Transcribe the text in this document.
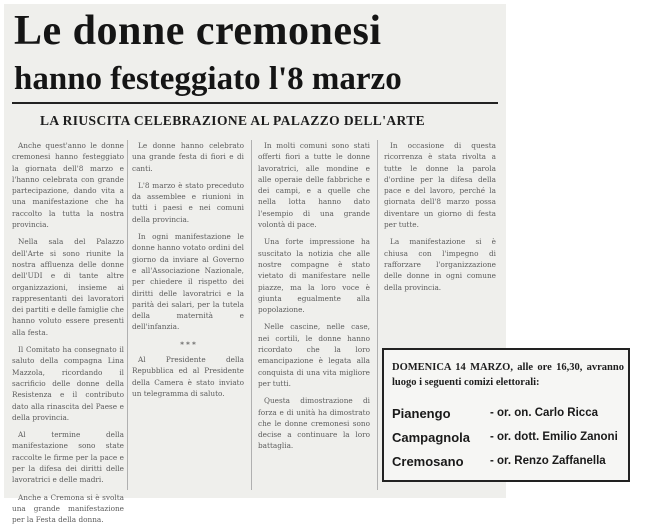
Le donne cremonesi
hanno festeggiato l'8 marzo
LA RIUSCITA CELEBRAZIONE AL PALAZZO DELL'ARTE

Anche quest'anno le donne cremonesi hanno festeggiato la giornata dell'8 marzo e l'hanno celebrata con grande partecipazione, dando vita a una manifestazione che ha raccolto la tutta la nostra provincia.

Nella sala del Palazzo dell'Arte si sono riunite la nostra affluenza delle donne dell'UDI e di tante altre organizzazioni, insieme ai rappresentanti dei lavoratori dei partiti e delle famiglie che hanno voluto essere presenti alla festa.

Il Comitato ha consegnato il saluto della compagna Lina Mazzola, ricordando il sacrificio delle donne della Resistenza e il contributo dato alla rinascita del Paese e della provincia.

Al termine della manifestazione sono state raccolte le firme per la pace e per la difesa dei diritti delle lavoratrici e delle madri.

Anche a Cremona si è svolta una grande manifestazione per la Festa della donna.

Le donne hanno celebrato una grande festa di fiori e di canti.

L'8 marzo è stato preceduto da assemblee e riunioni in tutti i paesi e nei comuni della provincia.

In ogni manifestazione le donne hanno votato ordini del giorno da inviare al Governo e all'Associazione Nazionale, per chiedere il rispetto dei diritti delle lavoratrici e la parità dei salari, per la tutela della maternità e dell'infanzia.

* * *

Al Presidente della Repubblica ed al Presidente della Camera è stato inviato un telegramma di saluto.

In molti comuni sono stati offerti fiori a tutte le donne lavoratrici, alle mondine e alle operaie delle fabbriche e dei campi, e a quelle che nella lotta hanno dato l'esempio di una grande volontà di pace.

Una forte impressione ha suscitato la notizia che alle nostre compagne è stato vietato di manifestare nelle piazze, ma la loro voce è giunta egualmente alla popolazione.

Nelle cascine, nelle case, nei cortili, le donne hanno ricordato che la loro emancipazione è legata alla conquista di una vita migliore per tutti.

Questa dimostrazione di forza e di unità ha dimostrato che le donne cremonesi sono decise a continuare la loro battaglia.

In occasione di questa ricorrenza è stata rivolta a tutte le donne la parola d'ordine per la difesa della pace e del lavoro, perché la giornata dell'8 marzo possa diventare un giorno di festa per tutte.

La manifestazione si è chiusa con l'impegno di rafforzare l'organizzazione delle donne in ogni comune della provincia.

DOMENICA 14 MARZO, alle ore 16,30, avranno luogo i seguenti comizi elettorali:
Pianengo	- or. on. Carlo Ricca
Campagnola - or. dott. Emilio Zanoni
Cremosano - or. Renzo Zaffanella
